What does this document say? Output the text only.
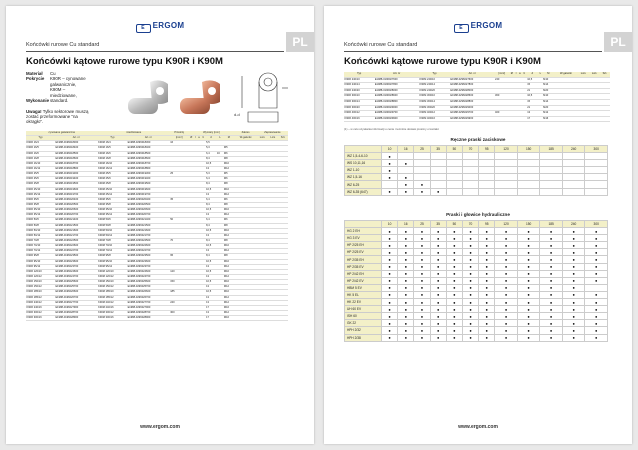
E ERGOM
PL
Końcówki rurowe Cu standard
Końcówki kątowe rurowe typu K90R i K90M
Materiał	Cu
Pokrycie	K90R – cynowane galwanicznie,
K90M – miedziowane,
Wykonanie standard.
Uwaga! Tylko sektorowe muszą zostać przeformowane "na okrągło".
d-d
cynowane galwaniczne		miedziowane		Przekrój	Wymiary [mm]							Zakres	Zaprasowanie		
Typ	Art. nr	Typ	Art. nr	[mm²]	Ø	l	a	b	d	L	M	W-gatunki	Lx/u	Lx/s	Szt.
K90R 16/4	E1988-0196018300	K90M 16/4	E1988-0296018300	16					5,5						
K90R 16/5	E1988-0196018400	K90M 16/5	E1988-0296018400						5,3		M5				
K90R 16/6	E1988-0196018500	K90M 16/6	E1988-0296018500						6,4	16	M6				
K90R 16/8	E1988-0196018600	K90M 16/8	E1988-0296018600						8,4		M8				
K90R 16/10	E1988-0196018700	K90M 16/10	E1988-0296018700						10,5		M10				
K90R 16/12	E1988-0196018800	K90M 16/12	E1988-0296018800						13		M12				
K90R 25/5	E1988-0196019300	K90M 25/5	E1988-0296019300	25					5,3		M5				
K90R 25/6	E1988-0196019400	K90M 25/6	E1988-0296019400						6,4		M6				
K90R 25/8	E1988-0196019500	K90M 25/8	E1988-0296019500						8,4		M8				
K90R 25/10	E1988-0196019600	K90M 25/10	E1988-0296019600						10,5		M10				
K90R 25/12	E1988-0196019700	K90M 25/12	E1988-0296019700						13		M12				
K90R 35/6	E1988-0196020400	K90M 35/6	E1988-0296020400	35					6,4		M6				
K90R 35/8	E1988-0196020500	K90M 35/8	E1988-0296020500						8,4		M8				
K90R 35/10	E1988-0196020600	K90M 35/10	E1988-0296020600						10,5		M10				
K90R 35/12	E1988-0196020700	K90M 35/12	E1988-0296020700						13		M12				
K90R 50/6	E1988-0196021400	K90M 50/6	E1988-0296021400	50					6,4		M6				
K90R 50/8	E1988-0196021500	K90M 50/8	E1988-0296021500						8,4		M8				
K90R 50/10	E1988-0196021600	K90M 50/10	E1988-0296021600						10,5		M10				
K90R 50/12	E1988-0196021700	K90M 50/12	E1988-0296021700						13		M12				
K90R 70/8	E1988-0196022500	K90M 70/8	E1988-0296022500	70					8,4		M8				
K90R 70/10	E1988-0196022600	K90M 70/10	E1988-0296022600						10,5		M10				
K90R 70/12	E1988-0196022700	K90M 70/12	E1988-0296022700						13		M12				
K90R 95/8	E1988-0196023500	K90M 95/8	E1988-0296023500	95					8,4		M8				
K90R 95/10	E1988-0196023600	K90M 95/10	E1988-0296023600						10,5		M10				
K90R 95/12	E1988-0196023700	K90M 95/12	E1988-0296023700						13		M12				
K90R 120/10	E1988-0196024600	K90M 120/10	E1988-0296024600	120					10,5		M10				
K90R 120/12	E1988-0196024700	K90M 120/12	E1988-0296024700						13		M12				
K90R 150/10	E1988-0196025600	K90M 150/10	E1988-0296025600	150					10,5		M10				
K90R 150/12	E1988-0196025700	K90M 150/12	E1988-0296025700						13		M12				
K90R 185/10	E1988-0196026600	K90M 185/10	E1988-0296026600	185					10,5		M10				
K90R 185/12	E1988-0196026700	K90M 185/12	E1988-0296026700						13		M12				
K90R 240/12	E1988-0196027700	K90M 240/12	E1988-0296027700	240					13		M12				
K90R 240/16	E1988-0196027900	K90M 240/16	E1988-0296027900						17		M16				
K90R 300/12	E1988-0196028700	K90M 300/12	E1988-0296028700	300					13		M12				
K90R 300/16	E1988-0196028900	K90M 300/16	E1988-0296028900						17		M16				
www.ergom.com
E ERGOM
PL
Końcówki rurowe Cu standard
Końcówki kątowe rurowe typu K90R i K90M
Typ	Art. nr	Typ	Art. nr	[mm²]	Ø	l	a	b	d	L	M	W-gatunki	Lx/u	Lx/s	Szt.
K90R 240/10	E1988-0196027600	K90M 240/10	E1988-0296027600	240					10,5		M10				
K90R 240/14	E1988-0196027800	K90M 240/14	E1988-0296027800						15		M14				
K90R 240/20	E1988-0196028000	K90M 240/20	E1988-0296028000						21		M20				
K90R 300/10	E1988-0196028600	K90M 300/10	E1988-0296028600	300					10,5		M10				
K90R 300/14	E1988-0196028800	K90M 300/14	E1988-0296028800						15		M14				
K90R 300/20	E1988-0196029000	K90M 300/20	E1988-0296029000						21		M20				
K90R 400/12	E1988-0196029700	K90M 400/12	E1988-0296029700	400					13		M12				
K90R 400/16	E1988-0196029900	K90M 400/16	E1988-0296029900						17		M16				
(1) – w celu uzyskania informacji o cenie i terminie dostaw prosimy o kontakt
Ręczne praski zaciskowe
	10	16	25	35	50	70	95	120	150	185	240	300
WZ 1,5-4-6-10	●											
WS 10,11,16	●	●										
WZ 1-10	●											
WZ 1,5-16	●	●										
WZ 6-25		●	●									
WZ 6-35 (647)	●	●	●	●								
Praski i głowice hydrauliczne
	10	16	25	35	50	70	95	120	150	185	240	300
HG 2 EH	●	●	●	●	●	●	●	●	●	●	●	●
HG 3 EV	●	●	●	●	●	●	●	●	●	●	●	●
HP 2/25 EH	●	●	●	●	●	●	●	●	●	●	●	●
HP 2/25 EV	●	●	●	●	●	●	●	●	●	●	●	●
HP 2/35 EH	●	●	●	●	●	●	●	●	●	●	●	●
HP 2/35 EV	●	●	●	●	●	●	●	●	●	●	●	●
HP 2/42 EH	●	●	●	●	●	●	●	●	●	●	●	●
HP 2/42 EV	●	●	●	●	●	●	●	●	●	●	●	●
HBM 5 EV	●	●	●	●	●	●	●	●	●	●	●	
HK 5 EL	●	●	●	●	●	●	●	●	●	●	●	●
HK 22 EV	●	●	●	●	●	●	●	●	●	●	●	●
UH 60 EV	●	●	●	●	●	●	●	●	●	●	●	●
ISH 60	●	●	●	●	●	●	●	●	●	●	●	●
GK 22	●	●	●	●	●	●	●	●	●	●	●	●
HPH 2/32	●	●	●	●	●	●	●	●	●	●	●	●
HPH 2/38	●	●	●	●	●	●	●	●	●	●	●	●
www.ergom.com
